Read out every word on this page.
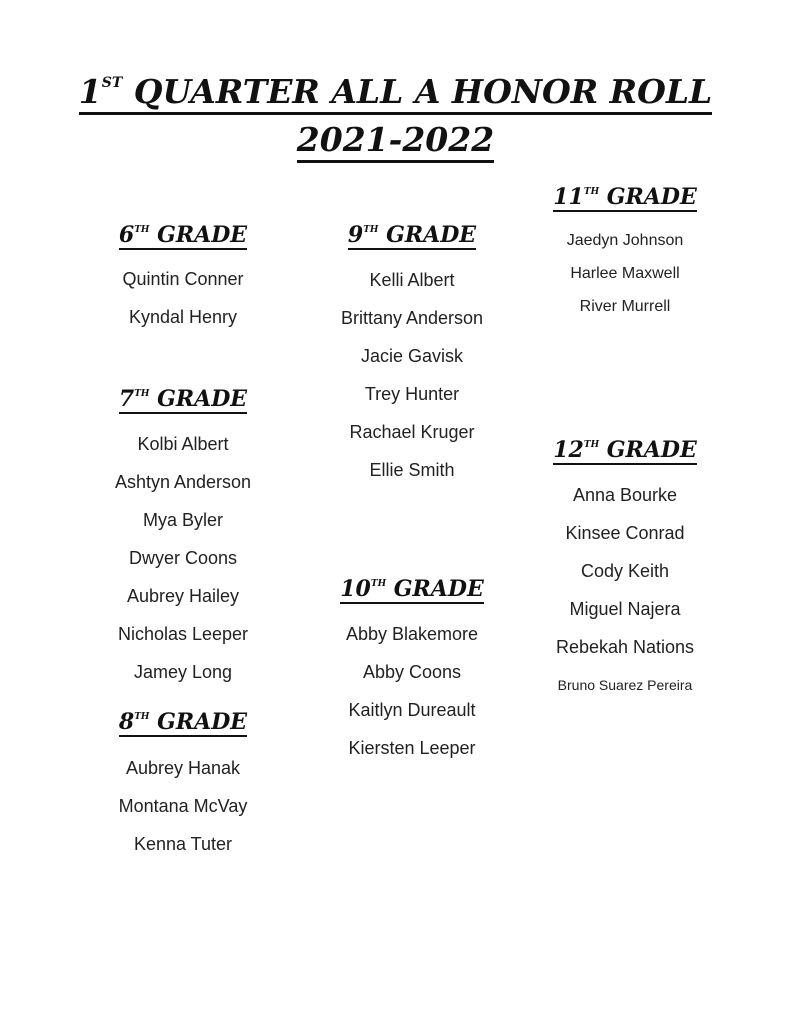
1ST QUARTER ALL A HONOR ROLL
2021-2022
6TH GRADE
Quintin Conner
Kyndal Henry
7TH GRADE
Kolbi Albert
Ashtyn Anderson
Mya Byler
Dwyer Coons
Aubrey Hailey
Nicholas Leeper
Jamey Long
8TH GRADE
Aubrey Hanak
Montana McVay
Kenna Tuter
9TH GRADE
Kelli Albert
Brittany Anderson
Jacie Gavisk
Trey Hunter
Rachael Kruger
Ellie Smith
10TH GRADE
Abby Blakemore
Abby Coons
Kaitlyn Dureault
Kiersten Leeper
11TH GRADE
Jaedyn Johnson
Harlee Maxwell
River Murrell
12TH GRADE
Anna Bourke
Kinsee Conrad
Cody Keith
Miguel Najera
Rebekah Nations
Bruno Suarez Pereira
